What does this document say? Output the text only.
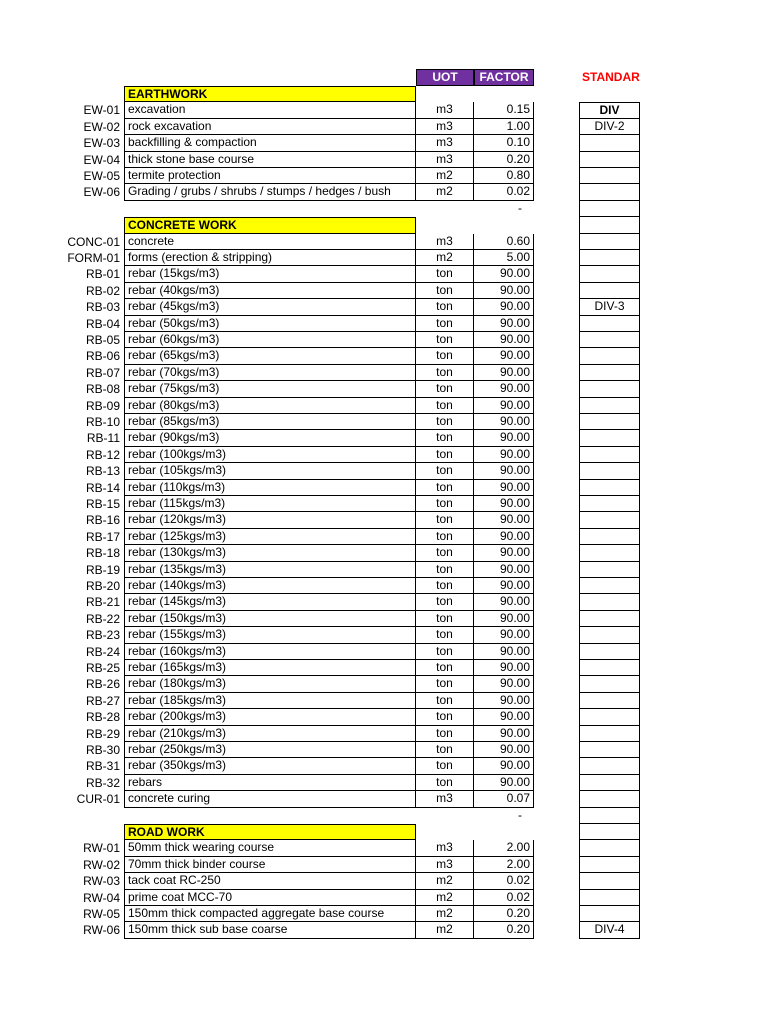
UOT	FACTOR	STANDAR
EARTHWORK
EW-01 excavation	m3	0.15	DIV
EW-02 rock excavation	m3	1.00	DIV-2
EW-03 backfilling & compaction	m3	0.10
EW-04 thick stone base course	m3	0.20
EW-05 termite protection	m2	0.80
EW-06 Grading / grubs / shrubs / stumps / hedges / bush	m2	0.02
-
CONCRETE WORK
CONC-01 concrete	m3	0.60
FORM-01 forms (erection & stripping)	m2	5.00
RB-01 rebar (15kgs/m3)	ton	90.00
RB-02 rebar (40kgs/m3)	ton	90.00
RB-03 rebar (45kgs/m3)	ton	90.00	DIV-3
RB-04 rebar (50kgs/m3)	ton	90.00
RB-05 rebar (60kgs/m3)	ton	90.00
RB-06 rebar (65kgs/m3)	ton	90.00
RB-07 rebar (70kgs/m3)	ton	90.00
RB-08 rebar (75kgs/m3)	ton	90.00
RB-09 rebar (80kgs/m3)	ton	90.00
RB-10 rebar (85kgs/m3)	ton	90.00
RB-11 rebar (90kgs/m3)	ton	90.00
RB-12 rebar (100kgs/m3)	ton	90.00
RB-13 rebar (105kgs/m3)	ton	90.00
RB-14 rebar (110kgs/m3)	ton	90.00
RB-15 rebar (115kgs/m3)	ton	90.00
RB-16 rebar (120kgs/m3)	ton	90.00
RB-17 rebar (125kgs/m3)	ton	90.00
RB-18 rebar (130kgs/m3)	ton	90.00
RB-19 rebar (135kgs/m3)	ton	90.00
RB-20 rebar (140kgs/m3)	ton	90.00
RB-21 rebar (145kgs/m3)	ton	90.00
RB-22 rebar (150kgs/m3)	ton	90.00
RB-23 rebar (155kgs/m3)	ton	90.00
RB-24 rebar (160kgs/m3)	ton	90.00
RB-25 rebar (165kgs/m3)	ton	90.00
RB-26 rebar (180kgs/m3)	ton	90.00
RB-27 rebar (185kgs/m3)	ton	90.00
RB-28 rebar (200kgs/m3)	ton	90.00
RB-29 rebar (210kgs/m3)	ton	90.00
RB-30 rebar (250kgs/m3)	ton	90.00
RB-31 rebar (350kgs/m3)	ton	90.00
RB-32 rebars	ton	90.00
CUR-01 concrete curing	m3	0.07
-
ROAD WORK
RW-01 50mm thick wearing course	m3	2.00
RW-02 70mm thick binder course	m3	2.00
RW-03 tack coat RC-250	m2	0.02
RW-04 prime coat MCC-70	m2	0.02
RW-05 150mm thick compacted aggregate base course	m2	0.20
RW-06 150mm thick sub base coarse	m2	0.20	DIV-4
